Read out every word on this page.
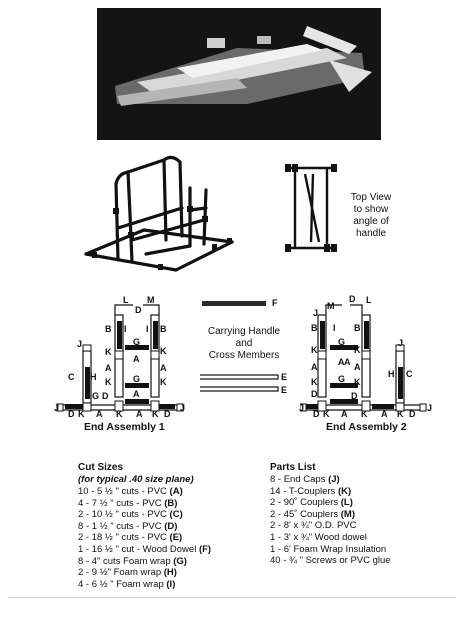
Top View
to show
angle of handle
L
D
M
B I
J
K
A
K
C H
G
A
G
A
I B
K
A
K
J
D K
G D
A K A K D
J
End Assembly 1
F
E
E
Carrying Handle
and
Cross Members
D
J
M
L
B I
K
A
K
D
G
A
G
A
B
K
A
K
J
H C
J
D K A
D
K A K D
J
End Assembly 2
Cut Sizes
(for typical .40 size plane)
10 - 5 ½ " cuts - PVC (A)
4 - 7 ½ " cuts - PVC (B)
2 - 10 ½ " cuts - PVC (C)
8 - 1 ½ " cuts - PVC (D)
2 - 18 ½ " cuts - PVC (E)
1 - 16 ½ " cut - Wood Dowel (F)
8 - 4" cuts Foam wrap (G)
2 - 9 ½" Foam wrap (H)
4 - 6 ½ " Foam wrap (I)
Parts List
8 - End Caps (J)
14 - T-Couplers (K)
2 - 90˚ Couplers (L)
2 - 45˚ Couplers (M)
2 - 8' x ¾" O.D. PVC
1 - 3' x ¾" Wood dowel
1 - 6' Foam Wrap Insulation
40 - ¾ " Screws or PVC glue
